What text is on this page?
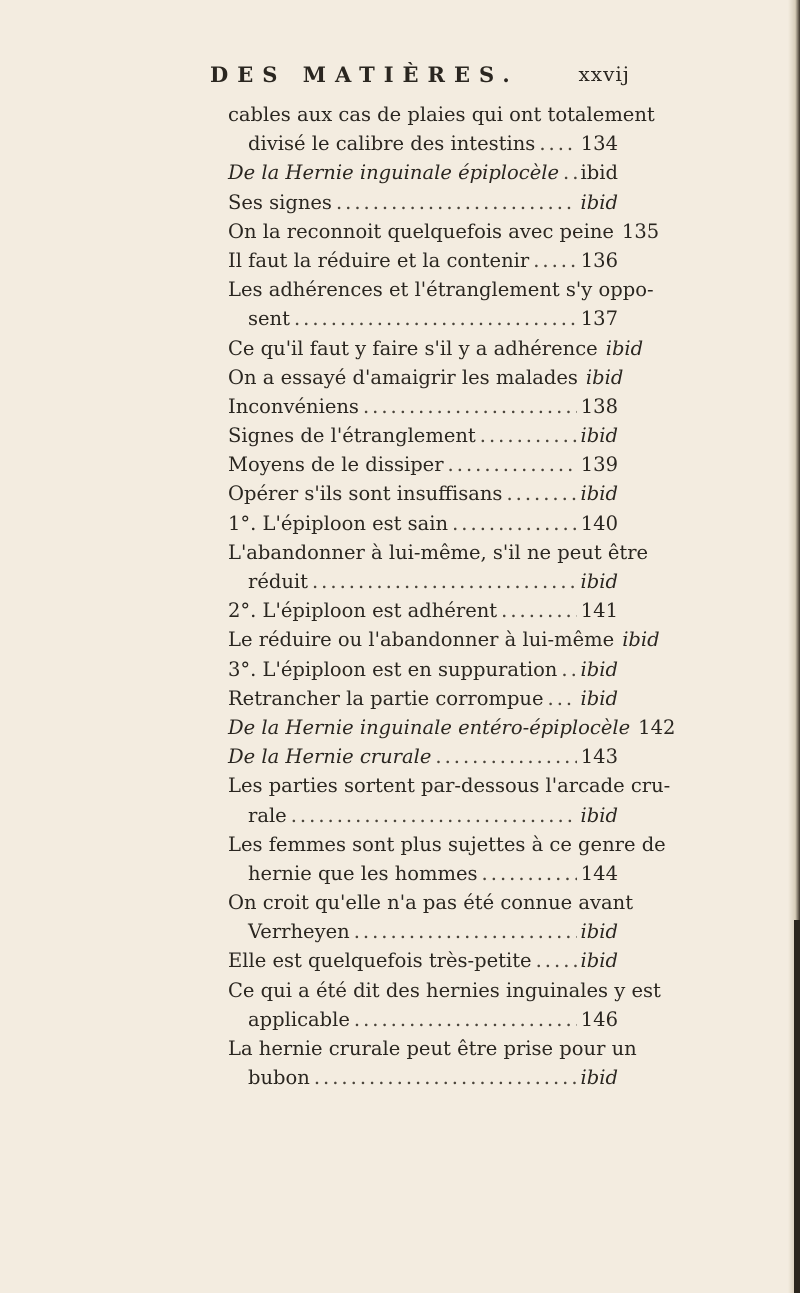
DES MATIÈRES.	xxvij
cables aux cas de plaies qui ont totalement
divisé le calibre des intestins ..... 134
De la Hernie inguinale épiplocèle ..... ibid
Ses signes .....	ibid
On la reconnoit quelquefois avec peine 135
Il faut la réduire et la contenir .....	136
Les adhérences et l'étranglement s'y oppo-
sent .....	137
Ce qu'il faut y faire s'il y a adhérence ibid
On a essayé d'amaigrir les malades ibid
Inconvéniens .....	138
Signes de l'étranglement .....	ibid
Moyens de le dissiper .....	139
Opérer s'ils sont insuffisans .....	ibid
1°. L'épiploon est sain .....	140
L'abandonner à lui-même, s'il ne peut être
réduit .....	ibid
2°. L'épiploon est adhérent .....	141
Le réduire ou l'abandonner à lui-même ibid
3°. L'épiploon est en suppuration ..... ibid
Retrancher la partie corrompue ..... ibid
De la Hernie inguinale entéro-épiplocèle 142
De la Hernie crurale .....	143
Les parties sortent par-dessous l'arcade cru-
rale .....	ibid
Les femmes sont plus sujettes à ce genre de
hernie que les hommes .....	144
On croit qu'elle n'a pas été connue avant
Verrheyen .....	ibid
Elle est quelquefois très-petite .....	ibid
Ce qui a été dit des hernies inguinales y est
applicable .....	146
La hernie crurale peut être prise pour un
bubon .....	ibid
